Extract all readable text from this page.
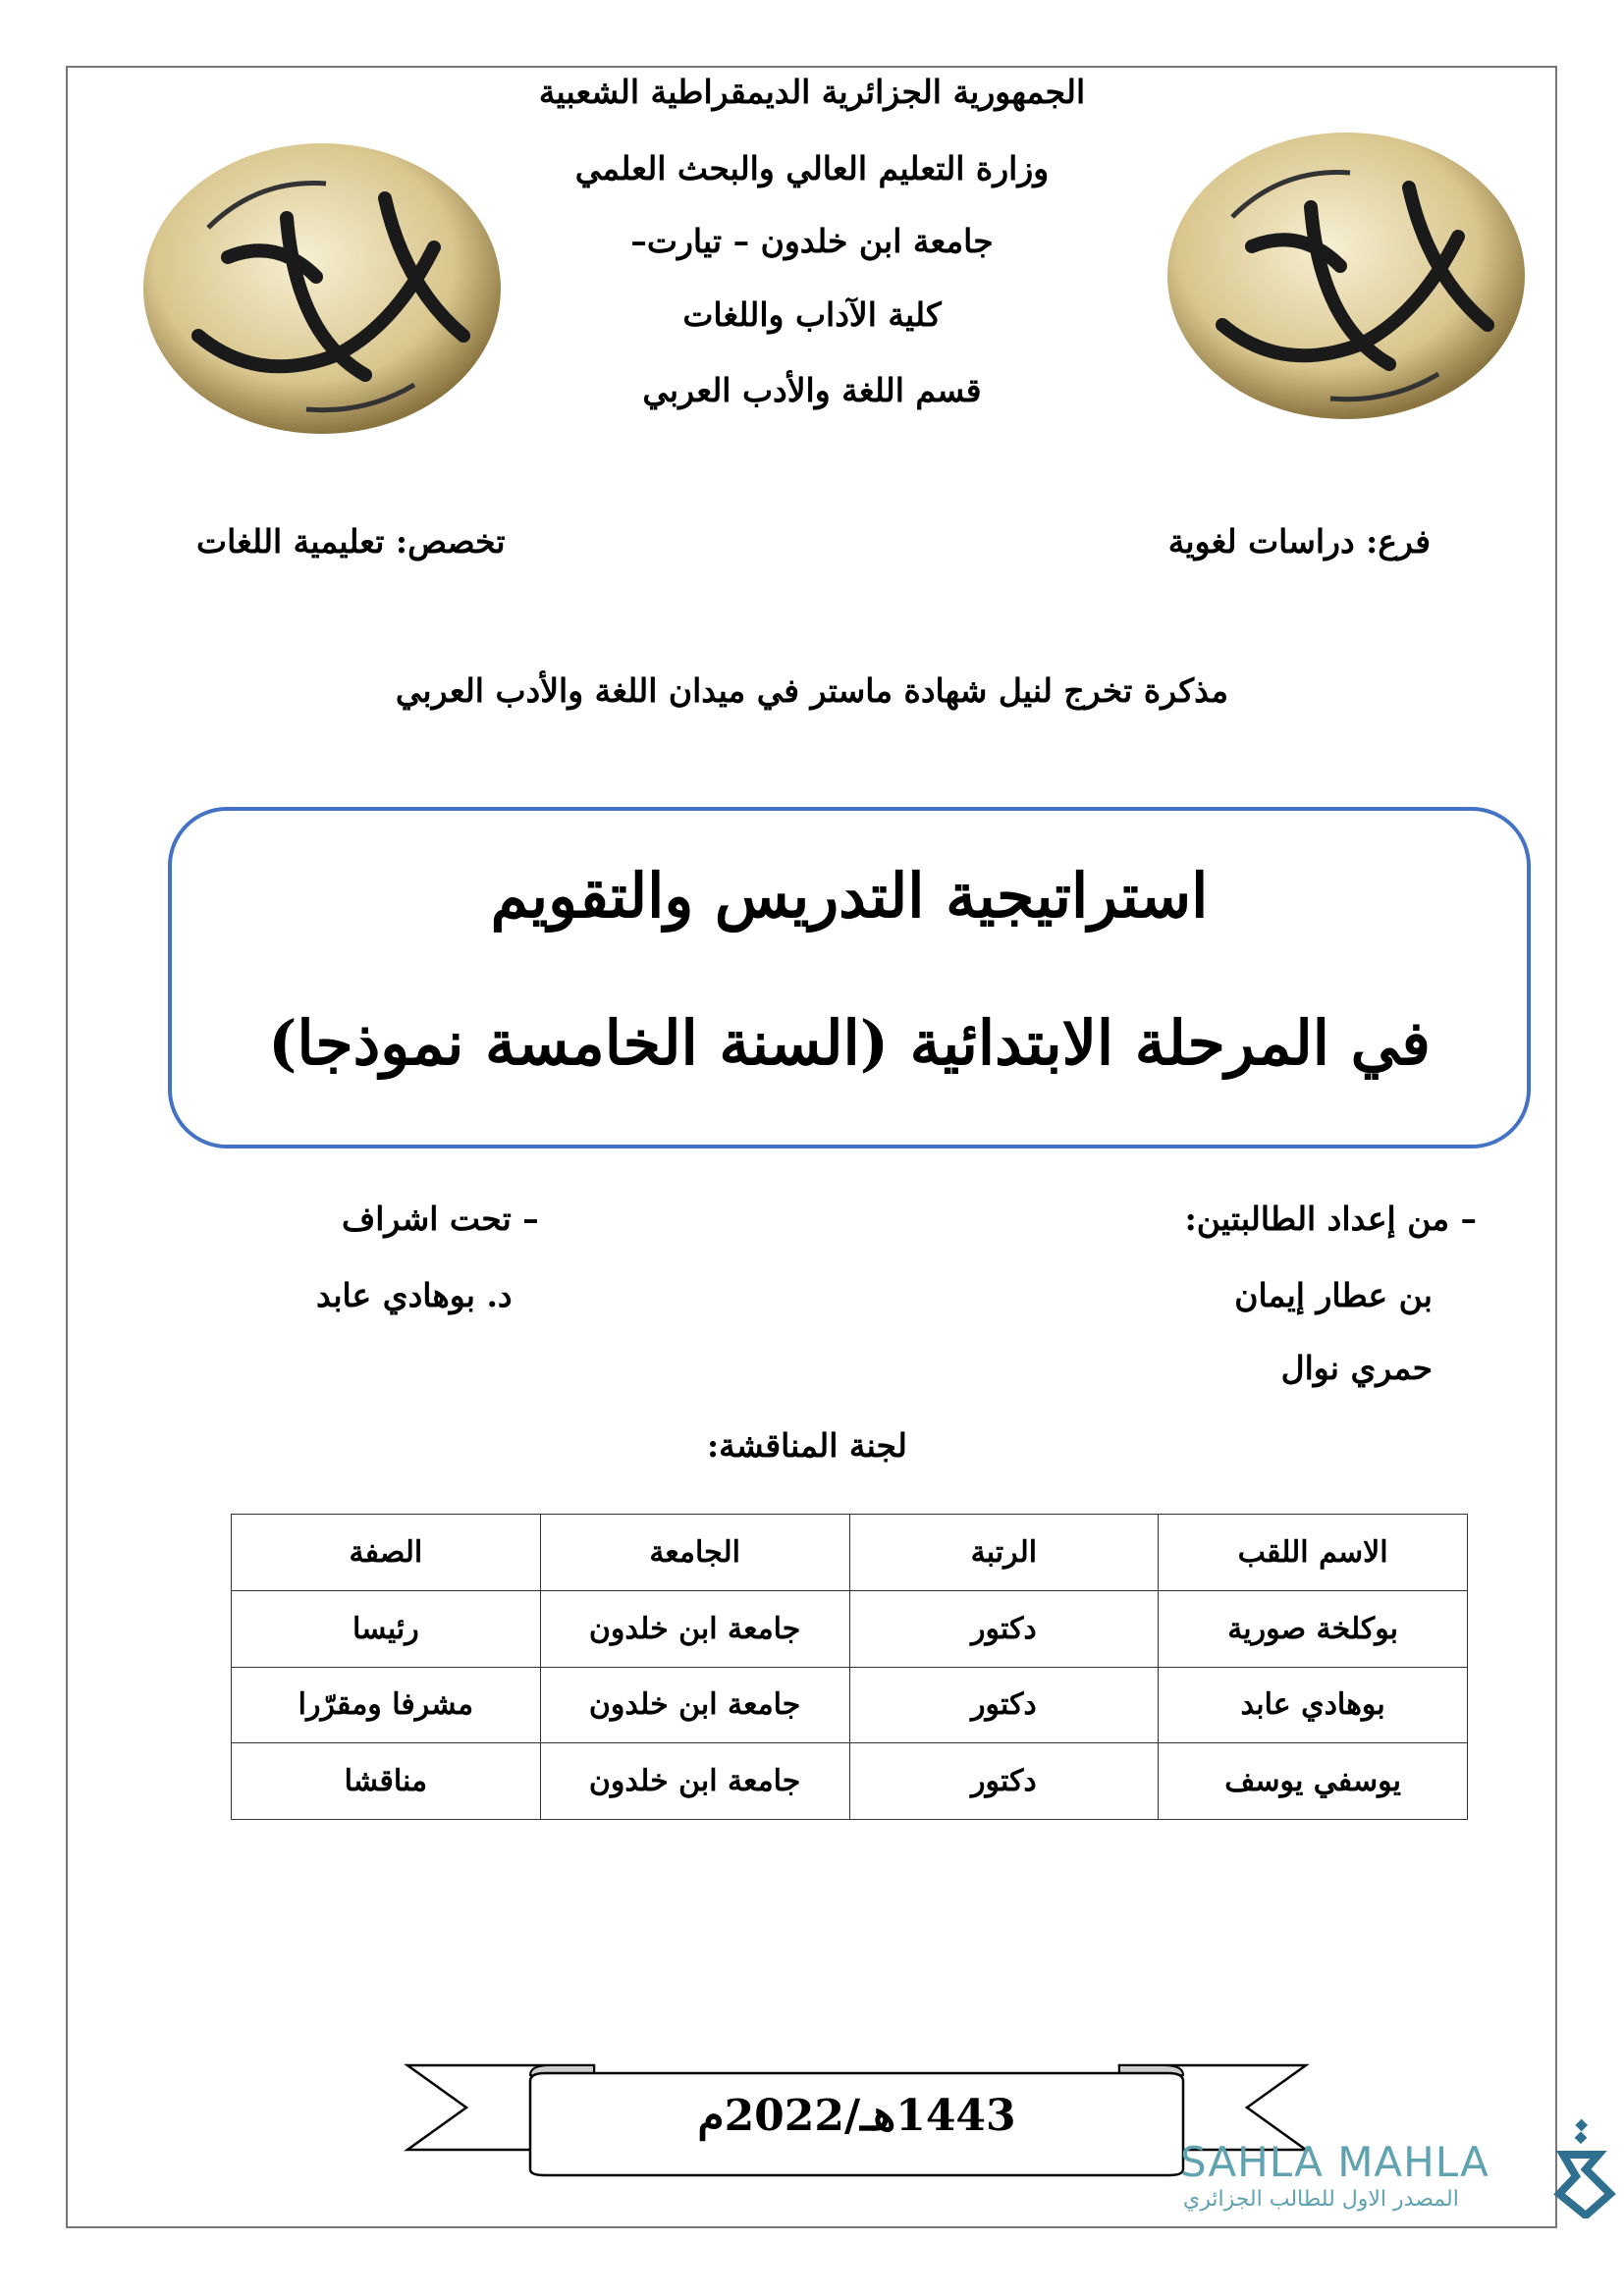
الجمهورية الجزائرية الديمقراطية الشعبية
وزارة التعليم العالي والبحث العلمي
جامعة ابن خلدون – تيارت–
كلية الآداب واللغات
قسم اللغة والأدب العربي
فرع: دراسات لغوية
تخصص: تعليمية اللغات
مذكرة تخرج لنيل شهادة ماستر في ميدان اللغة والأدب العربي
استراتيجية التدريس والتقويم
في المرحلة الابتدائية (السنة الخامسة نموذجا)
– من إعداد الطالبتين:
بن عطار إيمان
حمري نوال
– تحت اشراف
د. بوهادي عابد
لجنة المناقشة:
الاسم اللقب	الرتبة	الجامعة	الصفة
بوكلخة صورية	دكتور	جامعة ابن خلدون	رئيسا
بوهادي عابد	دكتور	جامعة ابن خلدون	مشرفا ومقرّرا
يوسفي يوسف	دكتور	جامعة ابن خلدون	مناقشا
1443هـ/2022م
SAHLA MAHLA
المصدر الاول للطالب الجزائري
